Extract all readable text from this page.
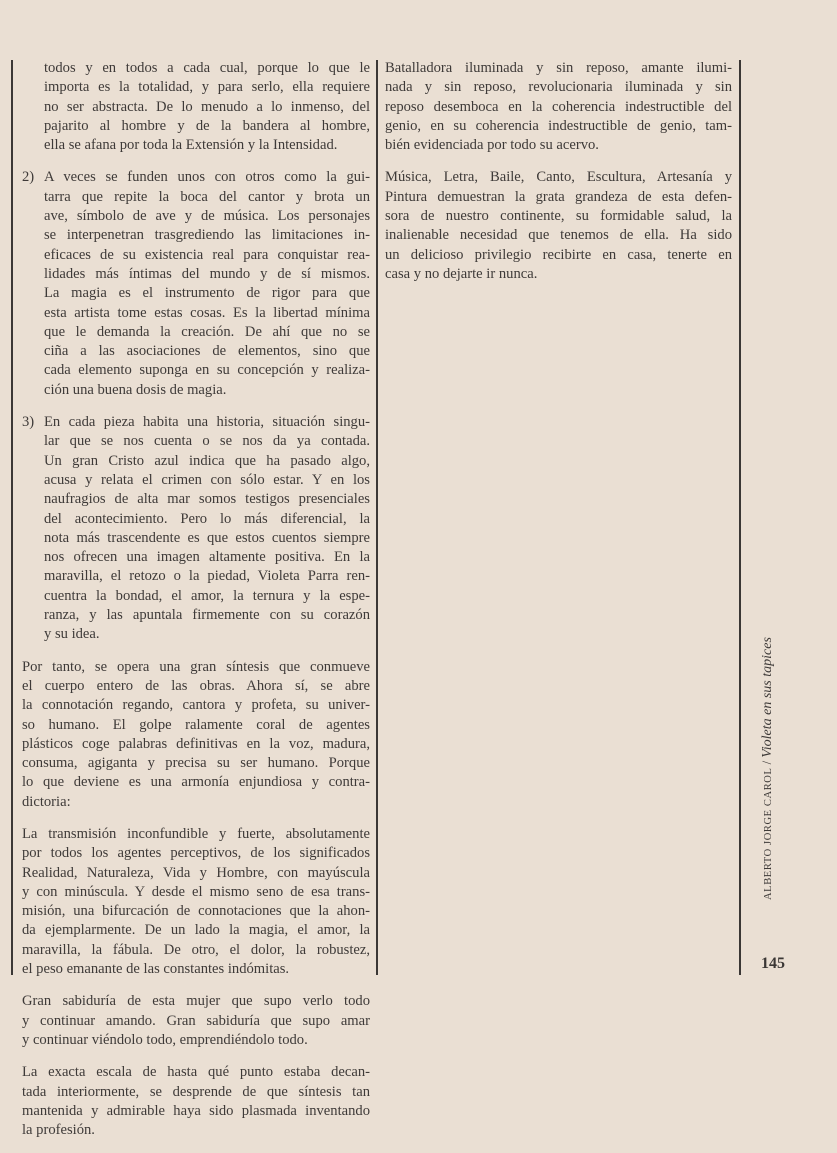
todos y en todos a cada cual, porque lo que le
importa es la totalidad, y para serlo, ella requiere
no ser abstracta. De lo menudo a lo inmenso, del
pajarito al hombre y de la bandera al hombre,
ella se afana por toda la Extensión y la Intensidad.
2) A veces se funden unos con otros como la gui-
tarra que repite la boca del cantor y brota un
ave, símbolo de ave y de música. Los personajes
se interpenetran trasgrediendo las limitaciones in-
eficaces de su existencia real para conquistar rea-
lidades más íntimas del mundo y de sí mismos.
La magia es el instrumento de rigor para que
esta artista tome estas cosas. Es la libertad mínima
que le demanda la creación. De ahí que no se
ciña a las asociaciones de elementos, sino que
cada elemento suponga en su concepción y realiza-
ción una buena dosis de magia.
3) En cada pieza habita una historia, situación singu-
lar que se nos cuenta o se nos da ya contada.
Un gran Cristo azul indica que ha pasado algo,
acusa y relata el crimen con sólo estar. Y en los
naufragios de alta mar somos testigos presenciales
del acontecimiento. Pero lo más diferencial, la
nota más trascendente es que estos cuentos siempre
nos ofrecen una imagen altamente positiva. En la
maravilla, el retozo o la piedad, Violeta Parra ren-
cuentra la bondad, el amor, la ternura y la espe-
ranza, y las apuntala firmemente con su corazón
y su idea.
Por tanto, se opera una gran síntesis que conmueve
el cuerpo entero de las obras. Ahora sí, se abre
la connotación regando, cantora y profeta, su univer-
so humano. El golpe ralamente coral de agentes
plásticos coge palabras definitivas en la voz, madura,
consuma, agiganta y precisa su ser humano. Porque
lo que deviene es una armonía enjundiosa y contra-
dictoria:
La transmisión inconfundible y fuerte, absolutamente
por todos los agentes perceptivos, de los significados
Realidad, Naturaleza, Vida y Hombre, con mayúscula
y con minúscula. Y desde el mismo seno de esa trans-
misión, una bifurcación de connotaciones que la ahon-
da ejemplarmente. De un lado la magia, el amor, la
maravilla, la fábula. De otro, el dolor, la robustez,
el peso emanante de las constantes indómitas.
Gran sabiduría de esta mujer que supo verlo todo
y continuar amando. Gran sabiduría que supo amar
y continuar viéndolo todo, emprendiéndolo todo.
La exacta escala de hasta qué punto estaba decan-
tada interiormente, se desprende de que síntesis tan
mantenida y admirable haya sido plasmada inventando
la profesión.
Batalladora iluminada y sin reposo, amante ilumi-
nada y sin reposo, revolucionaria iluminada y sin
reposo desemboca en la coherencia indestructible del
genio, en su coherencia indestructible de genio, tam-
bién evidenciada por todo su acervo.
Música, Letra, Baile, Canto, Escultura, Artesanía y
Pintura demuestran la grata grandeza de esta defen-
sora de nuestro continente, su formidable salud, la
inalienable necesidad que tenemos de ella. Ha sido
un delicioso privilegio recibirte en casa, tenerte en
casa y no dejarte ir nunca.
ALBERTO JORGE CAROL / Violeta en sus tapices
145
